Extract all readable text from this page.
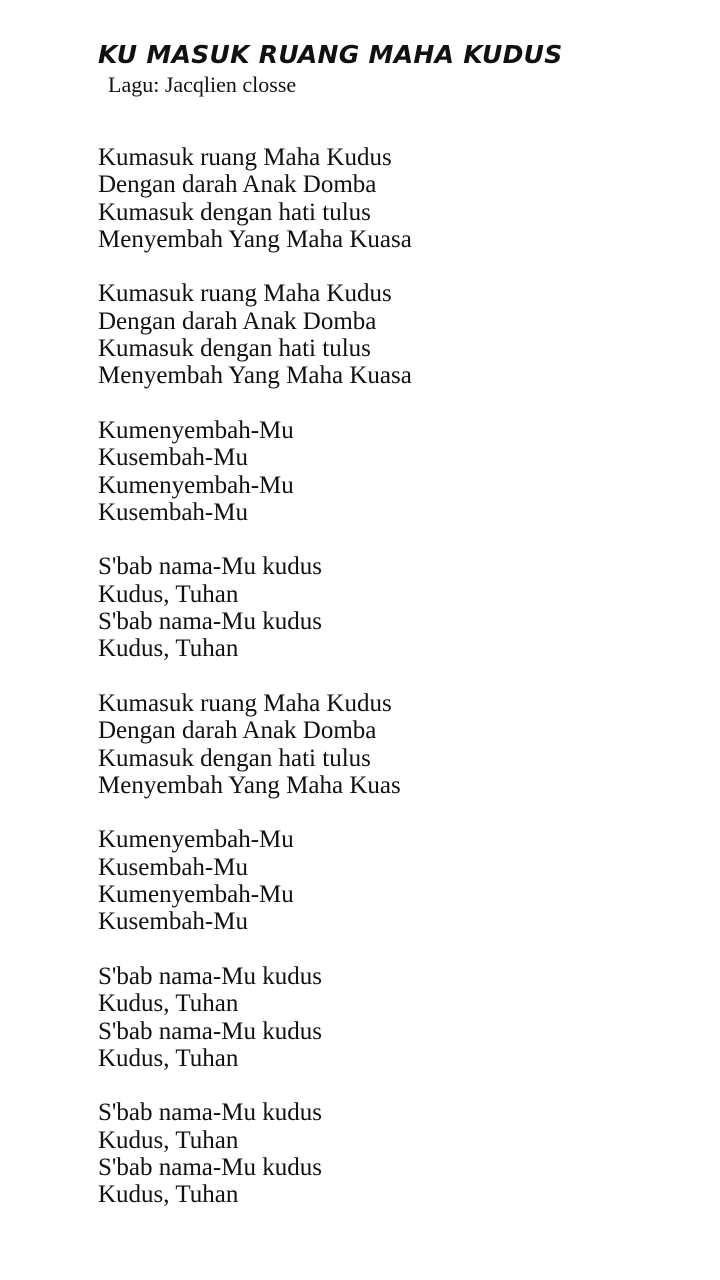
KU MASUK RUANG MAHA KUDUS

Lagu: Jacqlien closse

Kumasuk ruang Maha Kudus
Dengan darah Anak Domba
Kumasuk dengan hati tulus
Menyembah Yang Maha Kuasa
Kumasuk ruang Maha Kudus
Dengan darah Anak Domba
Kumasuk dengan hati tulus
Menyembah Yang Maha Kuasa
Kumenyembah-Mu
Kusembah-Mu
Kumenyembah-Mu
Kusembah-Mu
S'bab nama-Mu kudus
Kudus, Tuhan
S'bab nama-Mu kudus
Kudus, Tuhan
Kumasuk ruang Maha Kudus
Dengan darah Anak Domba
Kumasuk dengan hati tulus
Menyembah Yang Maha Kuas
Kumenyembah-Mu
Kusembah-Mu
Kumenyembah-Mu
Kusembah-Mu
S'bab nama-Mu kudus
Kudus, Tuhan
S'bab nama-Mu kudus
Kudus, Tuhan
S'bab nama-Mu kudus
Kudus, Tuhan
S'bab nama-Mu kudus
Kudus, Tuhan
